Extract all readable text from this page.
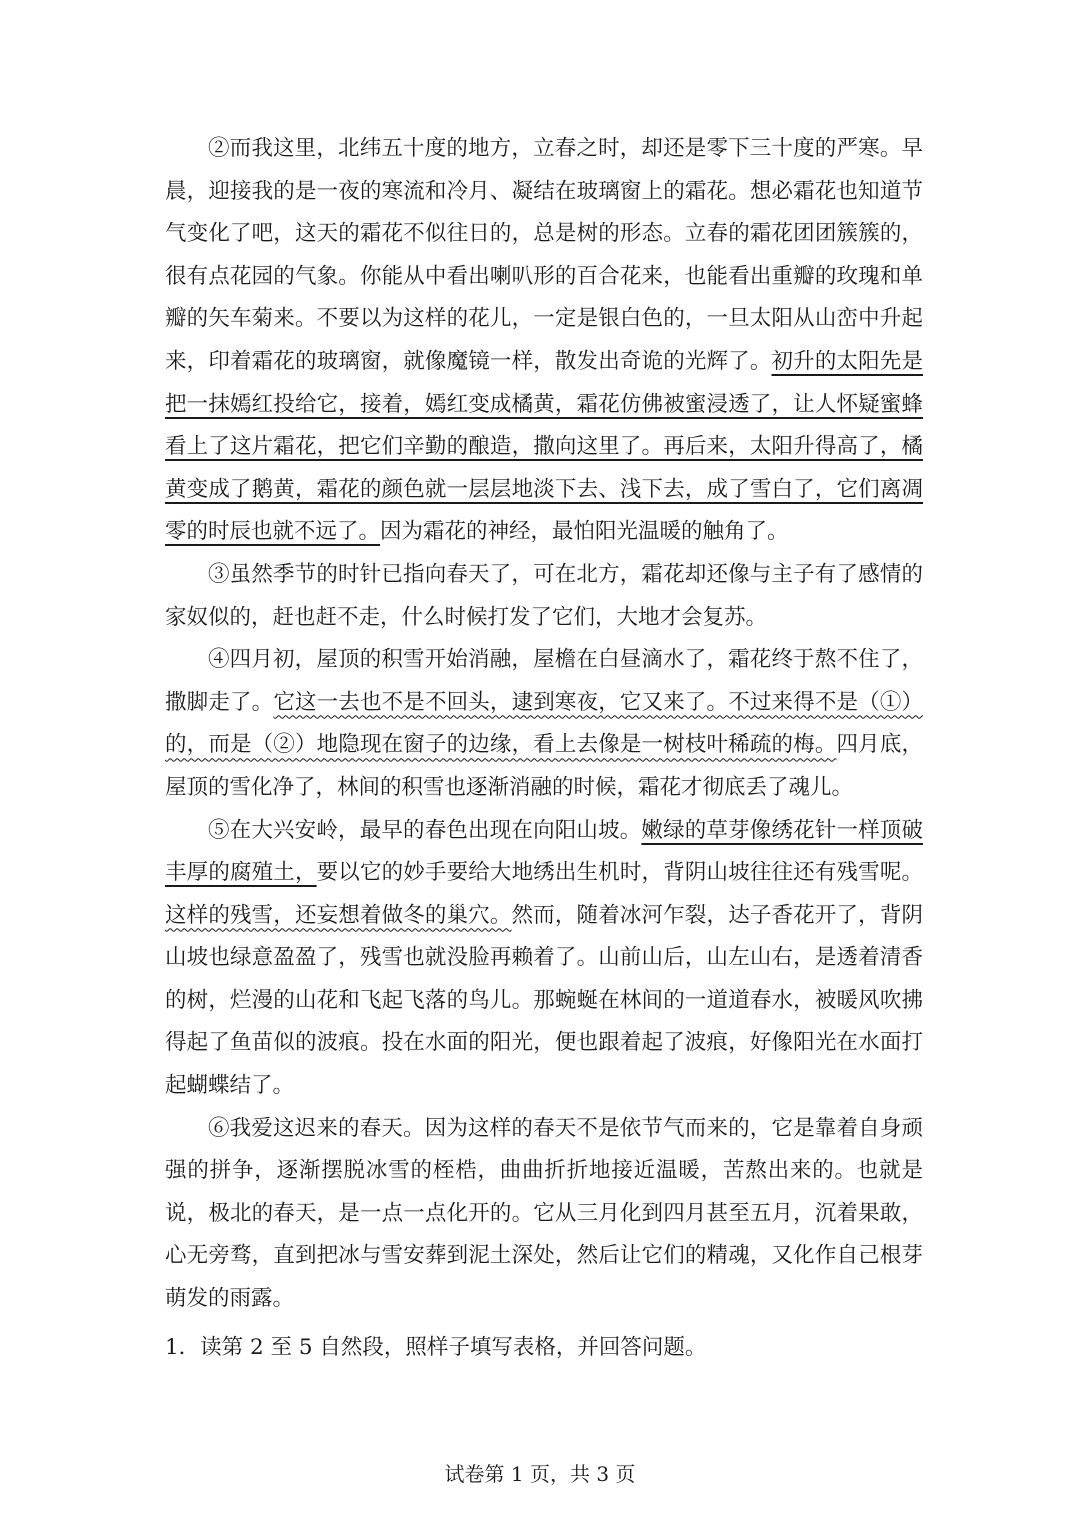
②而我这里，北纬五十度的地方，立春之时，却还是零下三十度的严寒。早晨，迎接我的是一夜的寒流和冷月、凝结在玻璃窗上的霜花。想必霜花也知道节气变化了吧，这天的霜花不似往日的，总是树的形态。立春的霜花团团簇簇的，很有点花园的气象。你能从中看出喇叭形的百合花来，也能看出重瓣的玫瑰和单瓣的矢车菊来。不要以为这样的花儿，一定是银白色的，一旦太阳从山峦中升起来，印着霜花的玻璃窗，就像魔镜一样，散发出奇诡的光辉了。初升的太阳先是把一抹嫣红投给它，接着，嫣红变成橘黄，霜花仿佛被蜜浸透了，让人怀疑蜜蜂看上了这片霜花，把它们辛勤的酿造，撒向这里了。再后来，太阳升得高了，橘黄变成了鹅黄，霜花的颜色就一层层地淡下去、浅下去，成了雪白了，它们离凋零的时辰也就不远了。因为霜花的神经，最怕阳光温暖的触角了。

③虽然季节的时针已指向春天了，可在北方，霜花却还像与主子有了感情的家奴似的，赶也赶不走，什么时候打发了它们，大地才会复苏。

④四月初，屋顶的积雪开始消融，屋檐在白昼滴水了，霜花终于熬不住了，撒脚走了。它这一去也不是不回头，逮到寒夜，它又来了。不过来得不是（①）的，而是（②）地隐现在窗子的边缘，看上去像是一树枝叶稀疏的梅。四月底，屋顶的雪化净了，林间的积雪也逐渐消融的时候，霜花才彻底丢了魂儿。

⑤在大兴安岭，最早的春色出现在向阳山坡。嫩绿的草芽像绣花针一样顶破丰厚的腐殖土，要以它的妙手要给大地绣出生机时，背阴山坡往往还有残雪呢。这样的残雪，还妄想着做冬的巢穴。然而，随着冰河乍裂，达子香花开了，背阴山坡也绿意盈盈了，残雪也就没脸再赖着了。山前山后，山左山右，是透着清香的树，烂漫的山花和飞起飞落的鸟儿。那蜿蜒在林间的一道道春水，被暖风吹拂得起了鱼苗似的波痕。投在水面的阳光，便也跟着起了波痕，好像阳光在水面打起蝴蝶结了。

⑥我爱这迟来的春天。因为这样的春天不是依节气而来的，它是靠着自身顽强的拼争，逐渐摆脱冰雪的桎梏，曲曲折折地接近温暖，苦熬出来的。也就是说，极北的春天，是一点一点化开的。它从三月化到四月甚至五月，沉着果敢，心无旁骛，直到把冰与雪安葬到泥土深处，然后让它们的精魂，又化作自己根芽萌发的雨露。

1．读第 2 至 5 自然段，照样子填写表格，并回答问题。

试卷第 1 页，共 3 页
